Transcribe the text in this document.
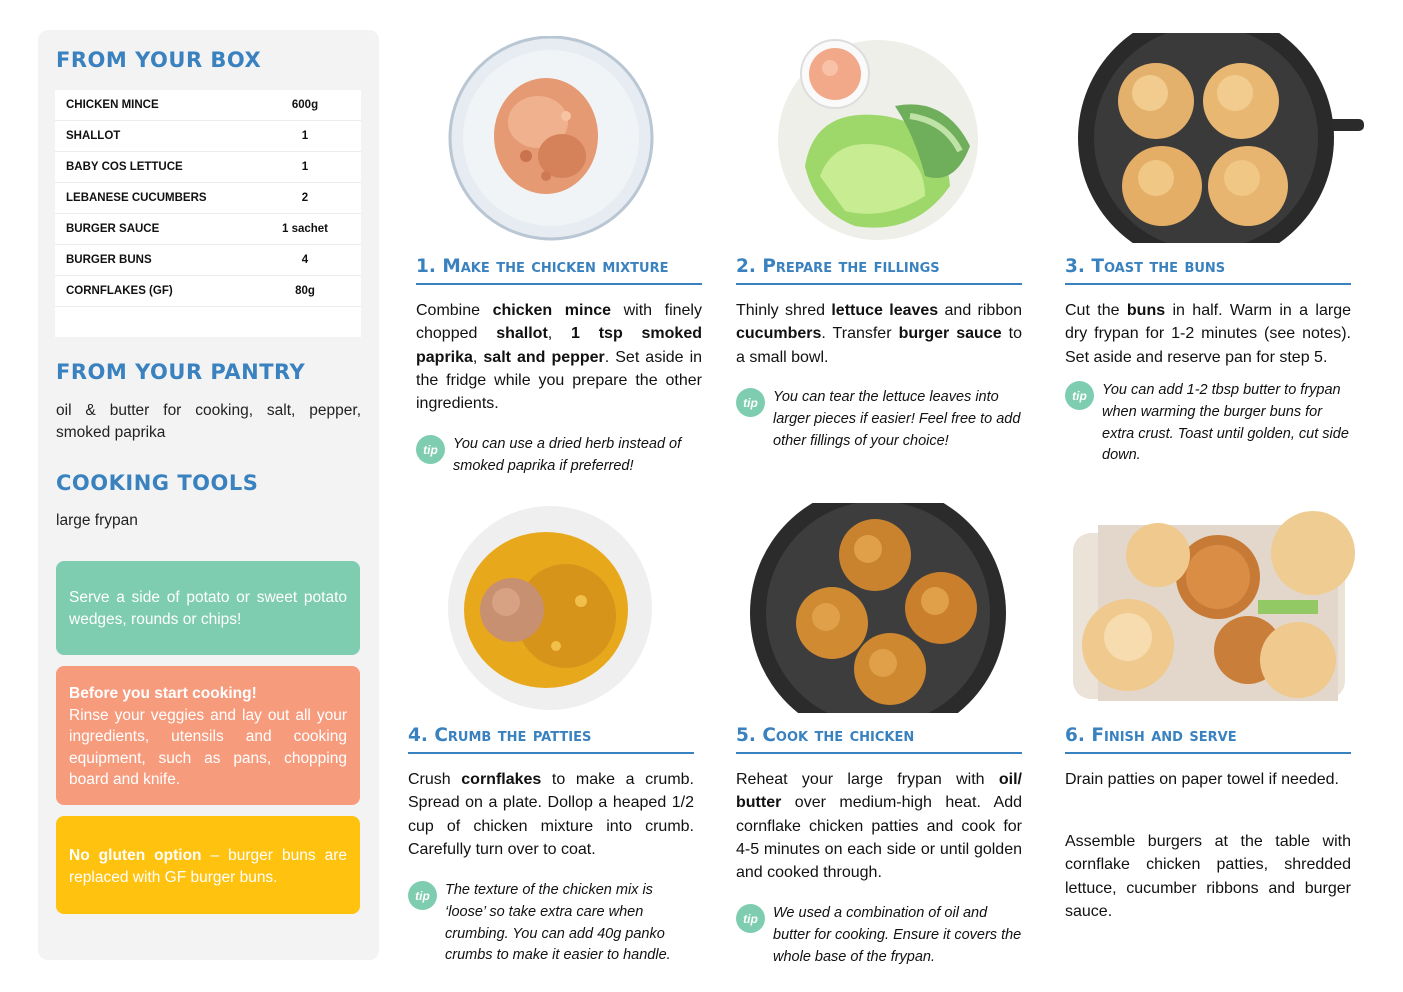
FROM YOUR BOX
CHICKEN MINCE	600g
SHALLOT	1
BABY COS LETTUCE	1
LEBANESE CUCUMBERS	2
BURGER SAUCE	1 sachet
BURGER BUNS	4
CORNFLAKES (GF)	80g
FROM YOUR PANTRY
oil & butter for cooking, salt, pepper, smoked paprika
COOKING TOOLS
large frypan
Serve a side of potato or sweet potato wedges, rounds or chips!
Before you start cooking!
Rinse your veggies and lay out all your ingredients, utensils and cooking equipment, such as pans, chopping board and knife.
No gluten option – burger buns are replaced with GF burger buns.
1. Make the chicken mixture
Combine chicken mince with finely chopped shallot, 1 tsp smoked paprika, salt and pepper. Set aside in the fridge while you prepare the other ingredients.
tip	You can use a dried herb instead of smoked paprika if preferred!
2. Prepare the fillings
Thinly shred lettuce leaves and ribbon cucumbers. Transfer burger sauce to a small bowl.
tip	You can tear the lettuce leaves into larger pieces if easier! Feel free to add other fillings of your choice!
3. Toast the buns
Cut the buns in half. Warm in a large dry frypan for 1-2 minutes (see notes). Set aside and reserve pan for step 5.
tip	You can add 1-2 tbsp butter to frypan when warming the burger buns for extra crust. Toast until golden, cut side down.
4. Crumb the patties
Crush cornflakes to make a crumb. Spread on a plate. Dollop a heaped 1/2 cup of chicken mixture into crumb. Carefully turn over to coat.
tip	The texture of the chicken mix is ‘loose’ so take extra care when crumbing. You can add 40g panko crumbs to make it easier to handle.
5. Cook the chicken
Reheat your large frypan with oil/ butter over medium-high heat. Add cornflake chicken patties and cook for 4-5 minutes on each side or until golden and cooked through.
tip	We used a combination of oil and butter for cooking. Ensure it covers the whole base of the frypan.
6. Finish and serve
Drain patties on paper towel if needed.
Assemble burgers at the table with cornflake chicken patties, shredded lettuce, cucumber ribbons and burger sauce.
